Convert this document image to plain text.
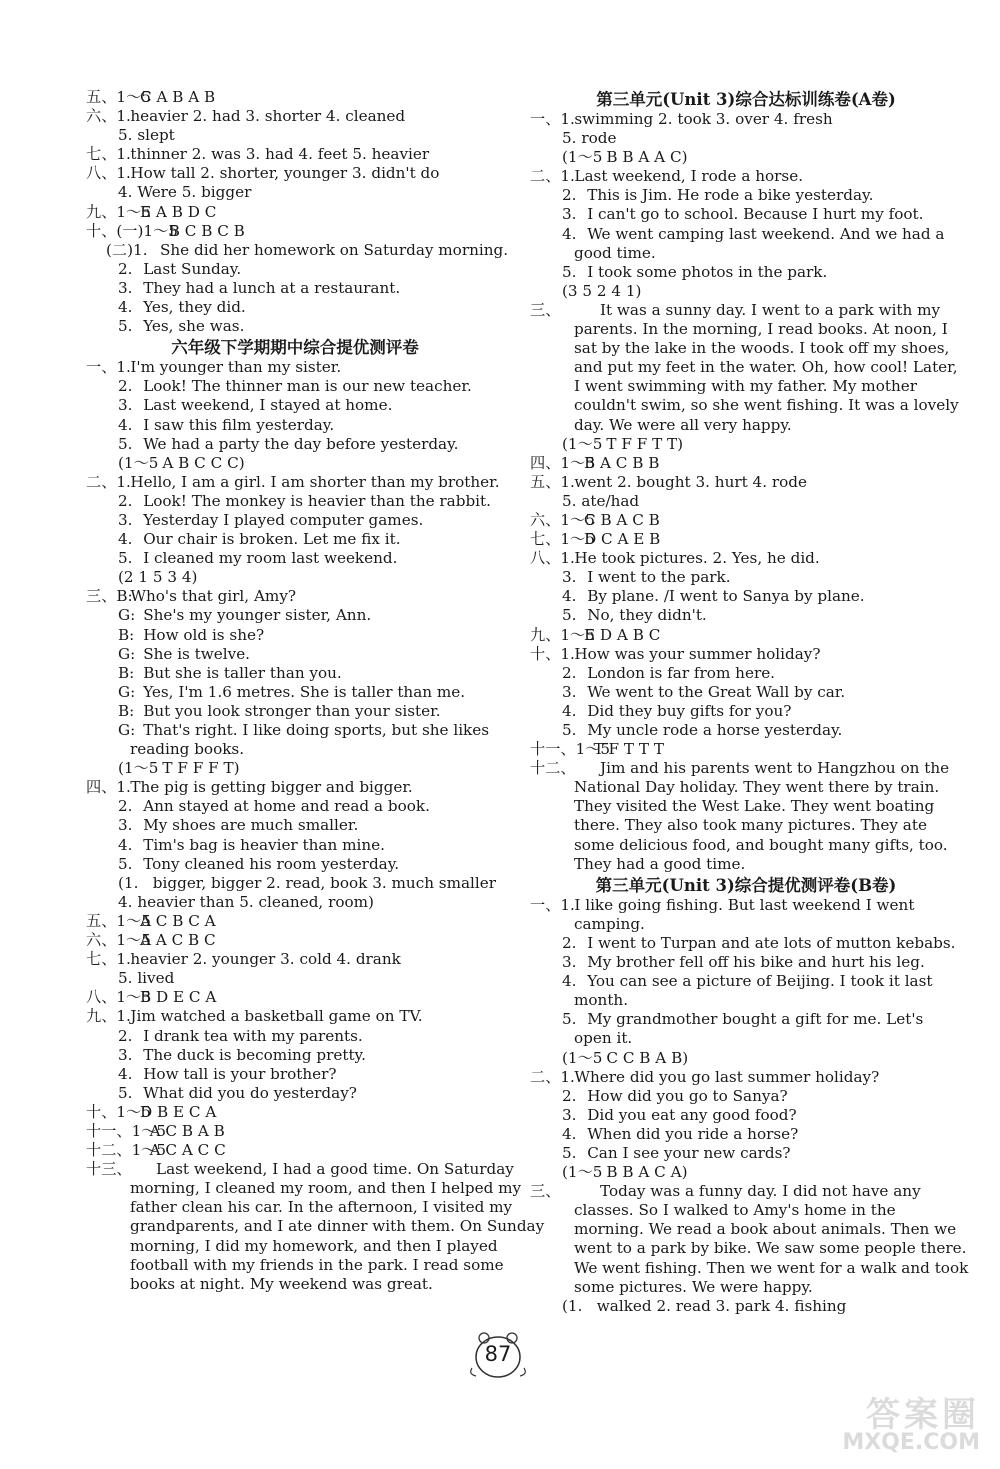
五、1～5
C A B A B
六、1. heavier 2. had 3. shorter 4. cleaned
5. slept
七、1. thinner 2. was 3. had 4. feet 5. heavier
八、1. How tall 2. shorter, younger 3. didn't do
4. Were 5. bigger
九、1～5
E A B D C
十、(一)1～5
B C B C B
(二)1. She did her homework on Saturday morning.
2. Last Sunday.
3. They had a lunch at a restaurant.
4. Yes, they did.
5. Yes, she was.
六年级下学期期中综合提优测评卷
一、1. I'm younger than my sister.
2. Look! The thinner man is our new teacher.
3. Last weekend, I stayed at home.
4. I saw this film yesterday.
5. We had a party the day before yesterday.
(1～5 A B C C C)
二、1. Hello, I am a girl. I am shorter than my brother.
2. Look! The monkey is heavier than the rabbit.
3. Yesterday I played computer games.
4. Our chair is broken. Let me fix it.
5. I cleaned my room last weekend.
(2 1 5 3 4)
三、B:
Who's that girl, Amy?
G: She's my younger sister, Ann.
B: How old is she?
G: She is twelve.
B: But she is taller than you.
G: Yes, I'm 1.6 metres. She is taller than me.
B: But you look stronger than your sister.
G: That's right. I like doing sports, but she likes
reading books.
(1～5 T F F F T)
四、1. The pig is getting bigger and bigger.
2. Ann stayed at home and read a book.
3. My shoes are much smaller.
4. Tim's bag is heavier than mine.
5. Tony cleaned his room yesterday.
(1. bigger, bigger 2. read, book 3. much smaller
4. heavier than 5. cleaned, room)
五、1～5
A C B C A
六、1～5
A A C B C
七、1. heavier 2. younger 3. cold 4. drank
5. lived
八、1～5
B D E C A
九、1. Jim watched a basketball game on TV.
2. I drank tea with my parents.
3. The duck is becoming pretty.
4. How tall is your brother?
5. What did you do yesterday?
十、1～5
D B E C A
十一、1～5
A C B A B
十二、1～5
A C A C C
十三、 Last weekend, I had a good time. On Saturday
morning, I cleaned my room, and then I helped my
father clean his car. In the afternoon, I visited my
grandparents, and I ate dinner with them. On Sunday
morning, I did my homework, and then I played
football with my friends in the park. I read some
books at night. My weekend was great.
第三单元(Unit 3)综合达标训练卷(A卷)
一、1. swimming 2. took 3. over 4. fresh
5. rode
(1～5 B B A A C)
二、1. Last weekend, I rode a horse.
2. This is Jim. He rode a bike yesterday.
3. I can't go to school. Because I hurt my foot.
4. We went camping last weekend. And we had a
good time.
5. I took some photos in the park.
(3 5 2 4 1)
三、	It was a sunny day. I went to a park with my
parents. In the morning, I read books. At noon, I
sat by the lake in the woods. I took off my shoes,
and put my feet in the water. Oh, how cool! Later,
I went swimming with my father. My mother
couldn't swim, so she went fishing. It was a lovely
day. We were all very happy.
(1～5 T F F T T)
四、1～5
B A C B B
五、1. went 2. bought 3. hurt 4. rode
5. ate/had
六、1～5
C B A C B
七、1～5
D C A E B
八、1. He took pictures. 2. Yes, he did.
3. I went to the park.
4. By plane. /I went to Sanya by plane.
5. No, they didn't.
九、1～5
E D A B C
十、1. How was your summer holiday?
2. London is far from here.
3. We went to the Great Wall by car.
4. Did they buy gifts for you?
5. My uncle rode a horse yesterday.
十一、1～5
T F T T T
十二、 Jim and his parents went to Hangzhou on the
National Day holiday. They went there by train.
They visited the West Lake. They went boating
there. They also took many pictures. They ate
some delicious food, and bought many gifts, too.
They had a good time.
第三单元(Unit 3)综合提优测评卷(B卷)
一、1. I like going fishing. But last weekend I went
camping.
2. I went to Turpan and ate lots of mutton kebabs.
3. My brother fell off his bike and hurt his leg.
4. You can see a picture of Beijing. I took it last
month.
5. My grandmother bought a gift for me. Let's
open it.
(1～5 C C B A B)
二、1. Where did you go last summer holiday?
2. How did you go to Sanya?
3. Did you eat any good food?
4. When did you ride a horse?
5. Can I see your new cards?
(1～5 B B A C A)
三、	Today was a funny day. I did not have any
classes. So I walked to Amy's home in the
morning. We read a book about animals. Then we
went to a park by bike. We saw some people there.
We went fishing. Then we went for a walk and took
some pictures. We were happy.
(1. walked 2. read 3. park 4. fishing
87
答案圈
MXQE.COM
